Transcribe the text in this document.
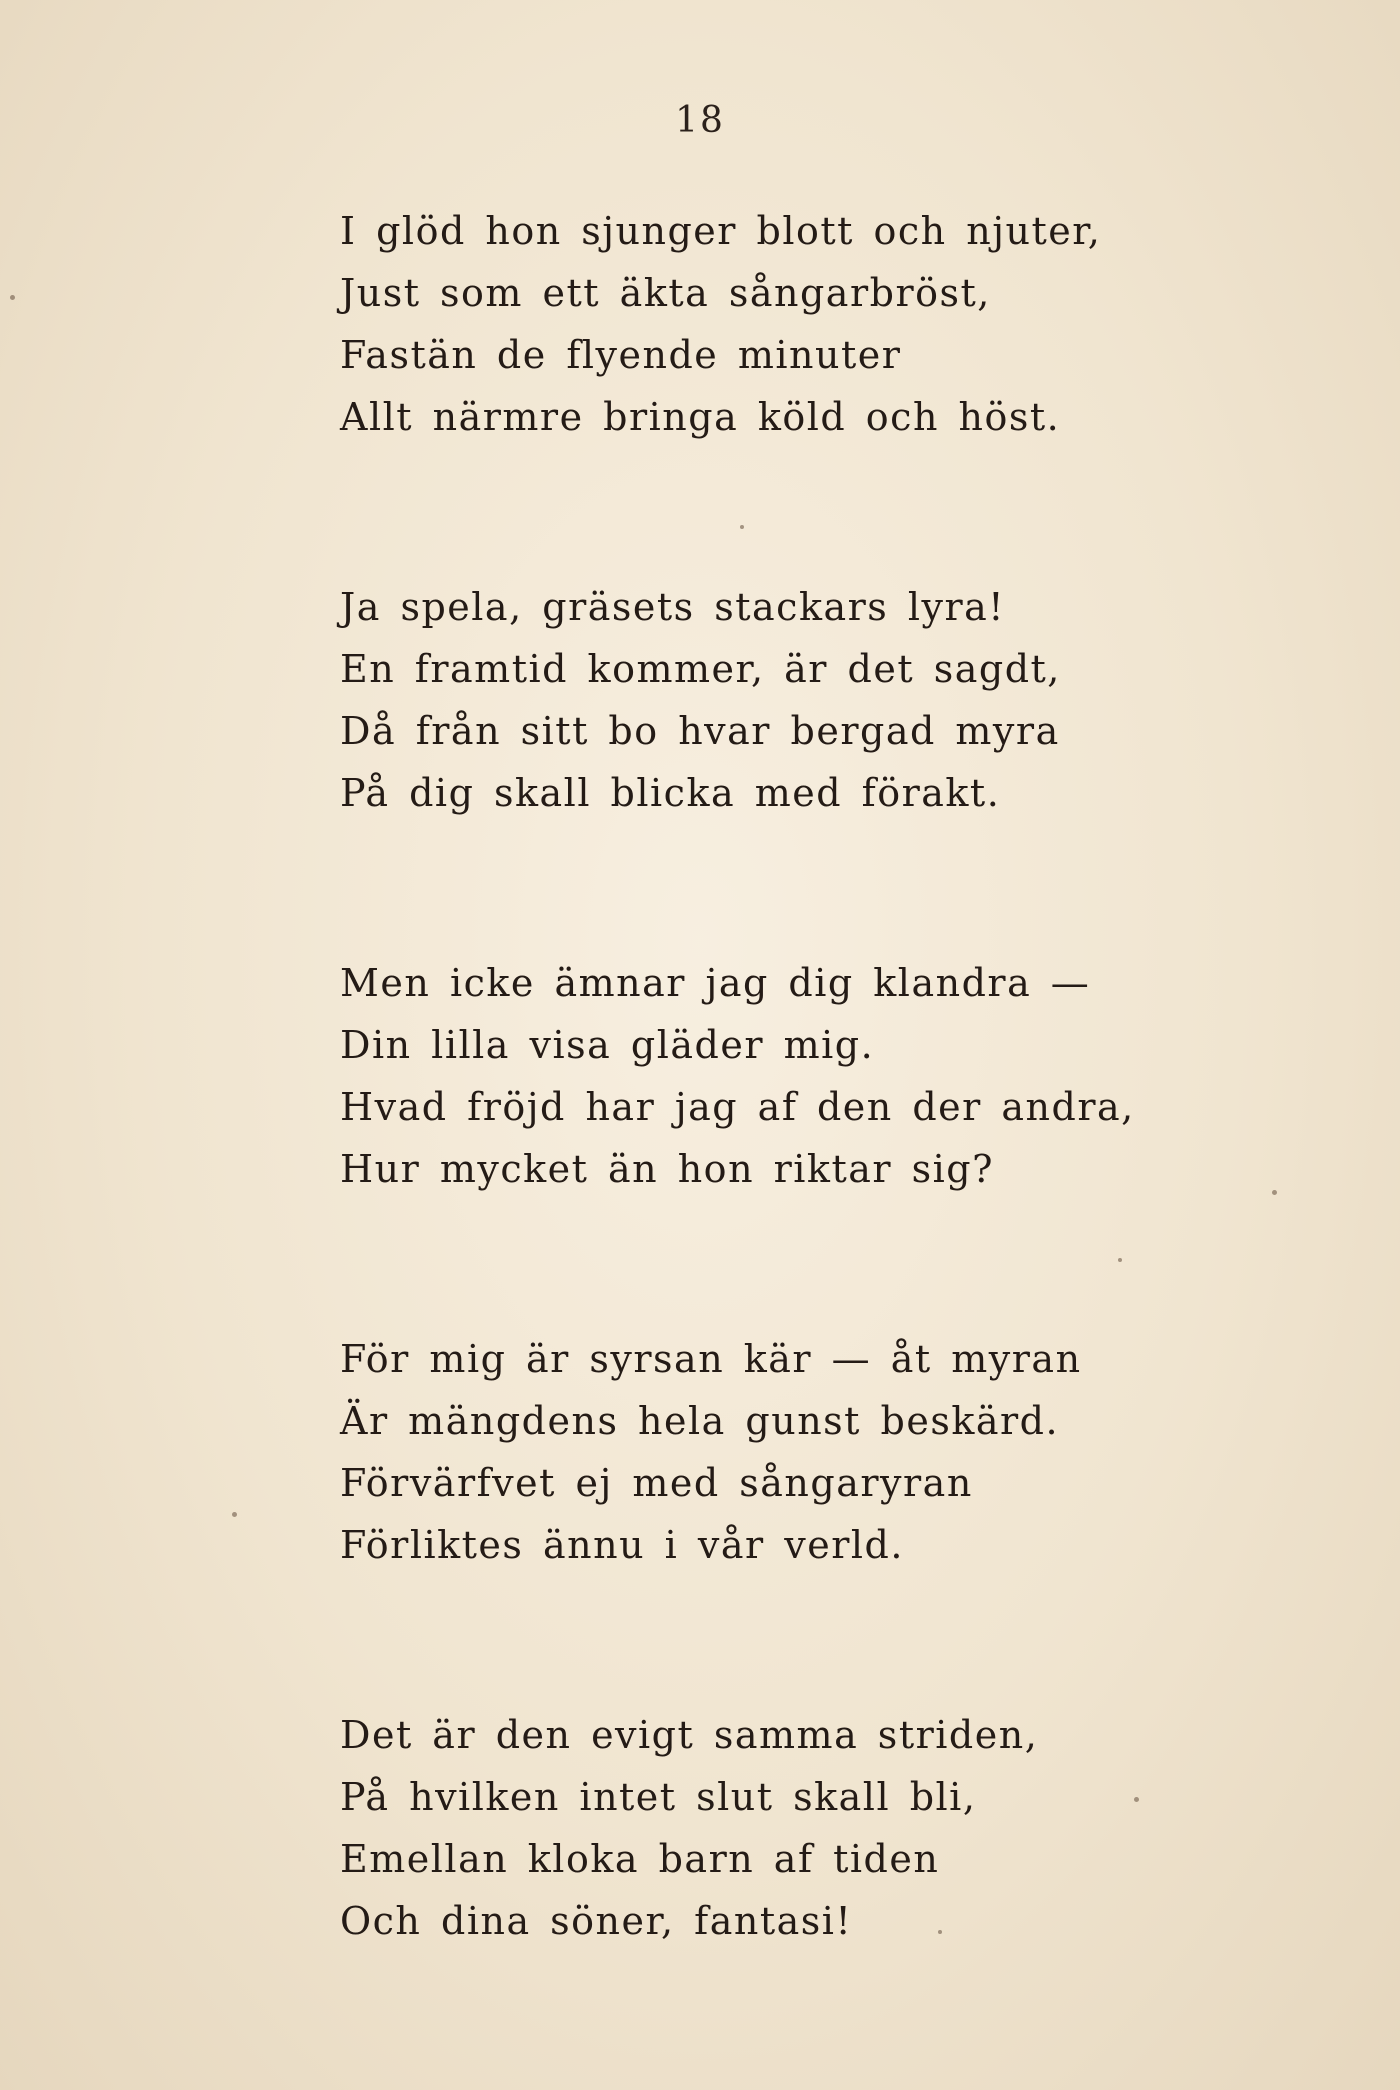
18
I glöd hon sjunger blott och njuter,
Just som ett äkta sångarbröst,
Fastän de flyende minuter
Allt närmre bringa köld och höst.
Ja spela, gräsets stackars lyra!
En framtid kommer, är det sagdt,
Då från sitt bo hvar bergad myra
På dig skall blicka med förakt.
Men icke ämnar jag dig klandra —
Din lilla visa gläder mig.
Hvad fröjd har jag af den der andra,
Hur mycket än hon riktar sig?
För mig är syrsan kär — åt myran
Är mängdens hela gunst beskärd.
Förvärfvet ej med sångaryran
Förliktes ännu i vår verld.
Det är den evigt samma striden,
På hvilken intet slut skall bli,
Emellan kloka barn af tiden
Och dina söner, fantasi!
